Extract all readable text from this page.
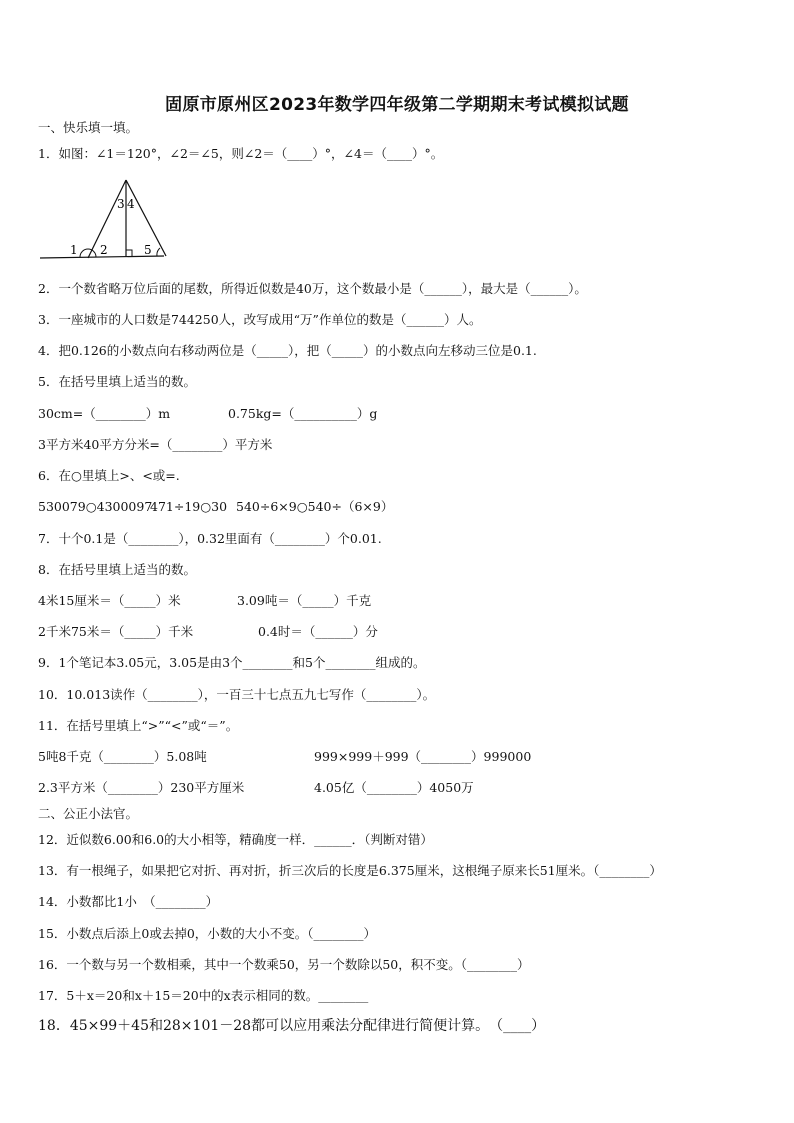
固原市原州区2023年数学四年级第二学期期末考试模拟试题
一、快乐填一填。
1．如图：∠1＝120°，∠2＝∠5，则∠2＝（____）°，∠4＝（____）°。
1 2
3 4
5
2．一个数省略万位后面的尾数，所得近似数是40万，这个数最小是（______），最大是（______）。
3．一座城市的人口数是744250人，改写成用“万”作单位的数是（______）人。
4．把0.126的小数点向右移动两位是（_____），把（_____）的小数点向左移动三位是0.1.
5．在括号里填上适当的数。
30cm=（________）m	0.75kg=（__________）g
3平方米40平方分米=（________）平方米
6．在○里填上>、<或=.
530079○4300097
471÷19○30 540÷6×9○540÷（6×9）
7．十个0.1是（________），0.32里面有（________）个0.01.
8．在括号里填上适当的数。
4米15厘米＝（_____）米	3.09吨＝（_____）千克
2千米75米＝（_____）千米	0.4时＝（______）分
9．1个笔记本3.05元，3.05是由3个________和5个________组成的。
10．10.013读作（________），一百三十七点五九七写作（________）。
11．在括号里填上“>”“<”或“＝”。
5吨8千克（________）5.08吨	999×999＋999（________）999000
2.3平方米（________）230平方厘米	4.05亿（________）4050万
二、公正小法官。
12．近似数6.00和6.0的大小相等，精确度一样．______．（判断对错）
13．有一根绳子，如果把它对折、再对折，折三次后的长度是6.375厘米，这根绳子原来长51厘米。（________）
14．小数都比1小　（________）
15．小数点后添上0或去掉0，小数的大小不变。（________）
16．一个数与另一个数相乘，其中一个数乘50，另一个数除以50，积不变。（________）
17．5＋x＝20和x＋15＝20中的x表示相同的数。________
18．45×99＋45和28×101－28都可以应用乘法分配律进行简便计算。　（____）
